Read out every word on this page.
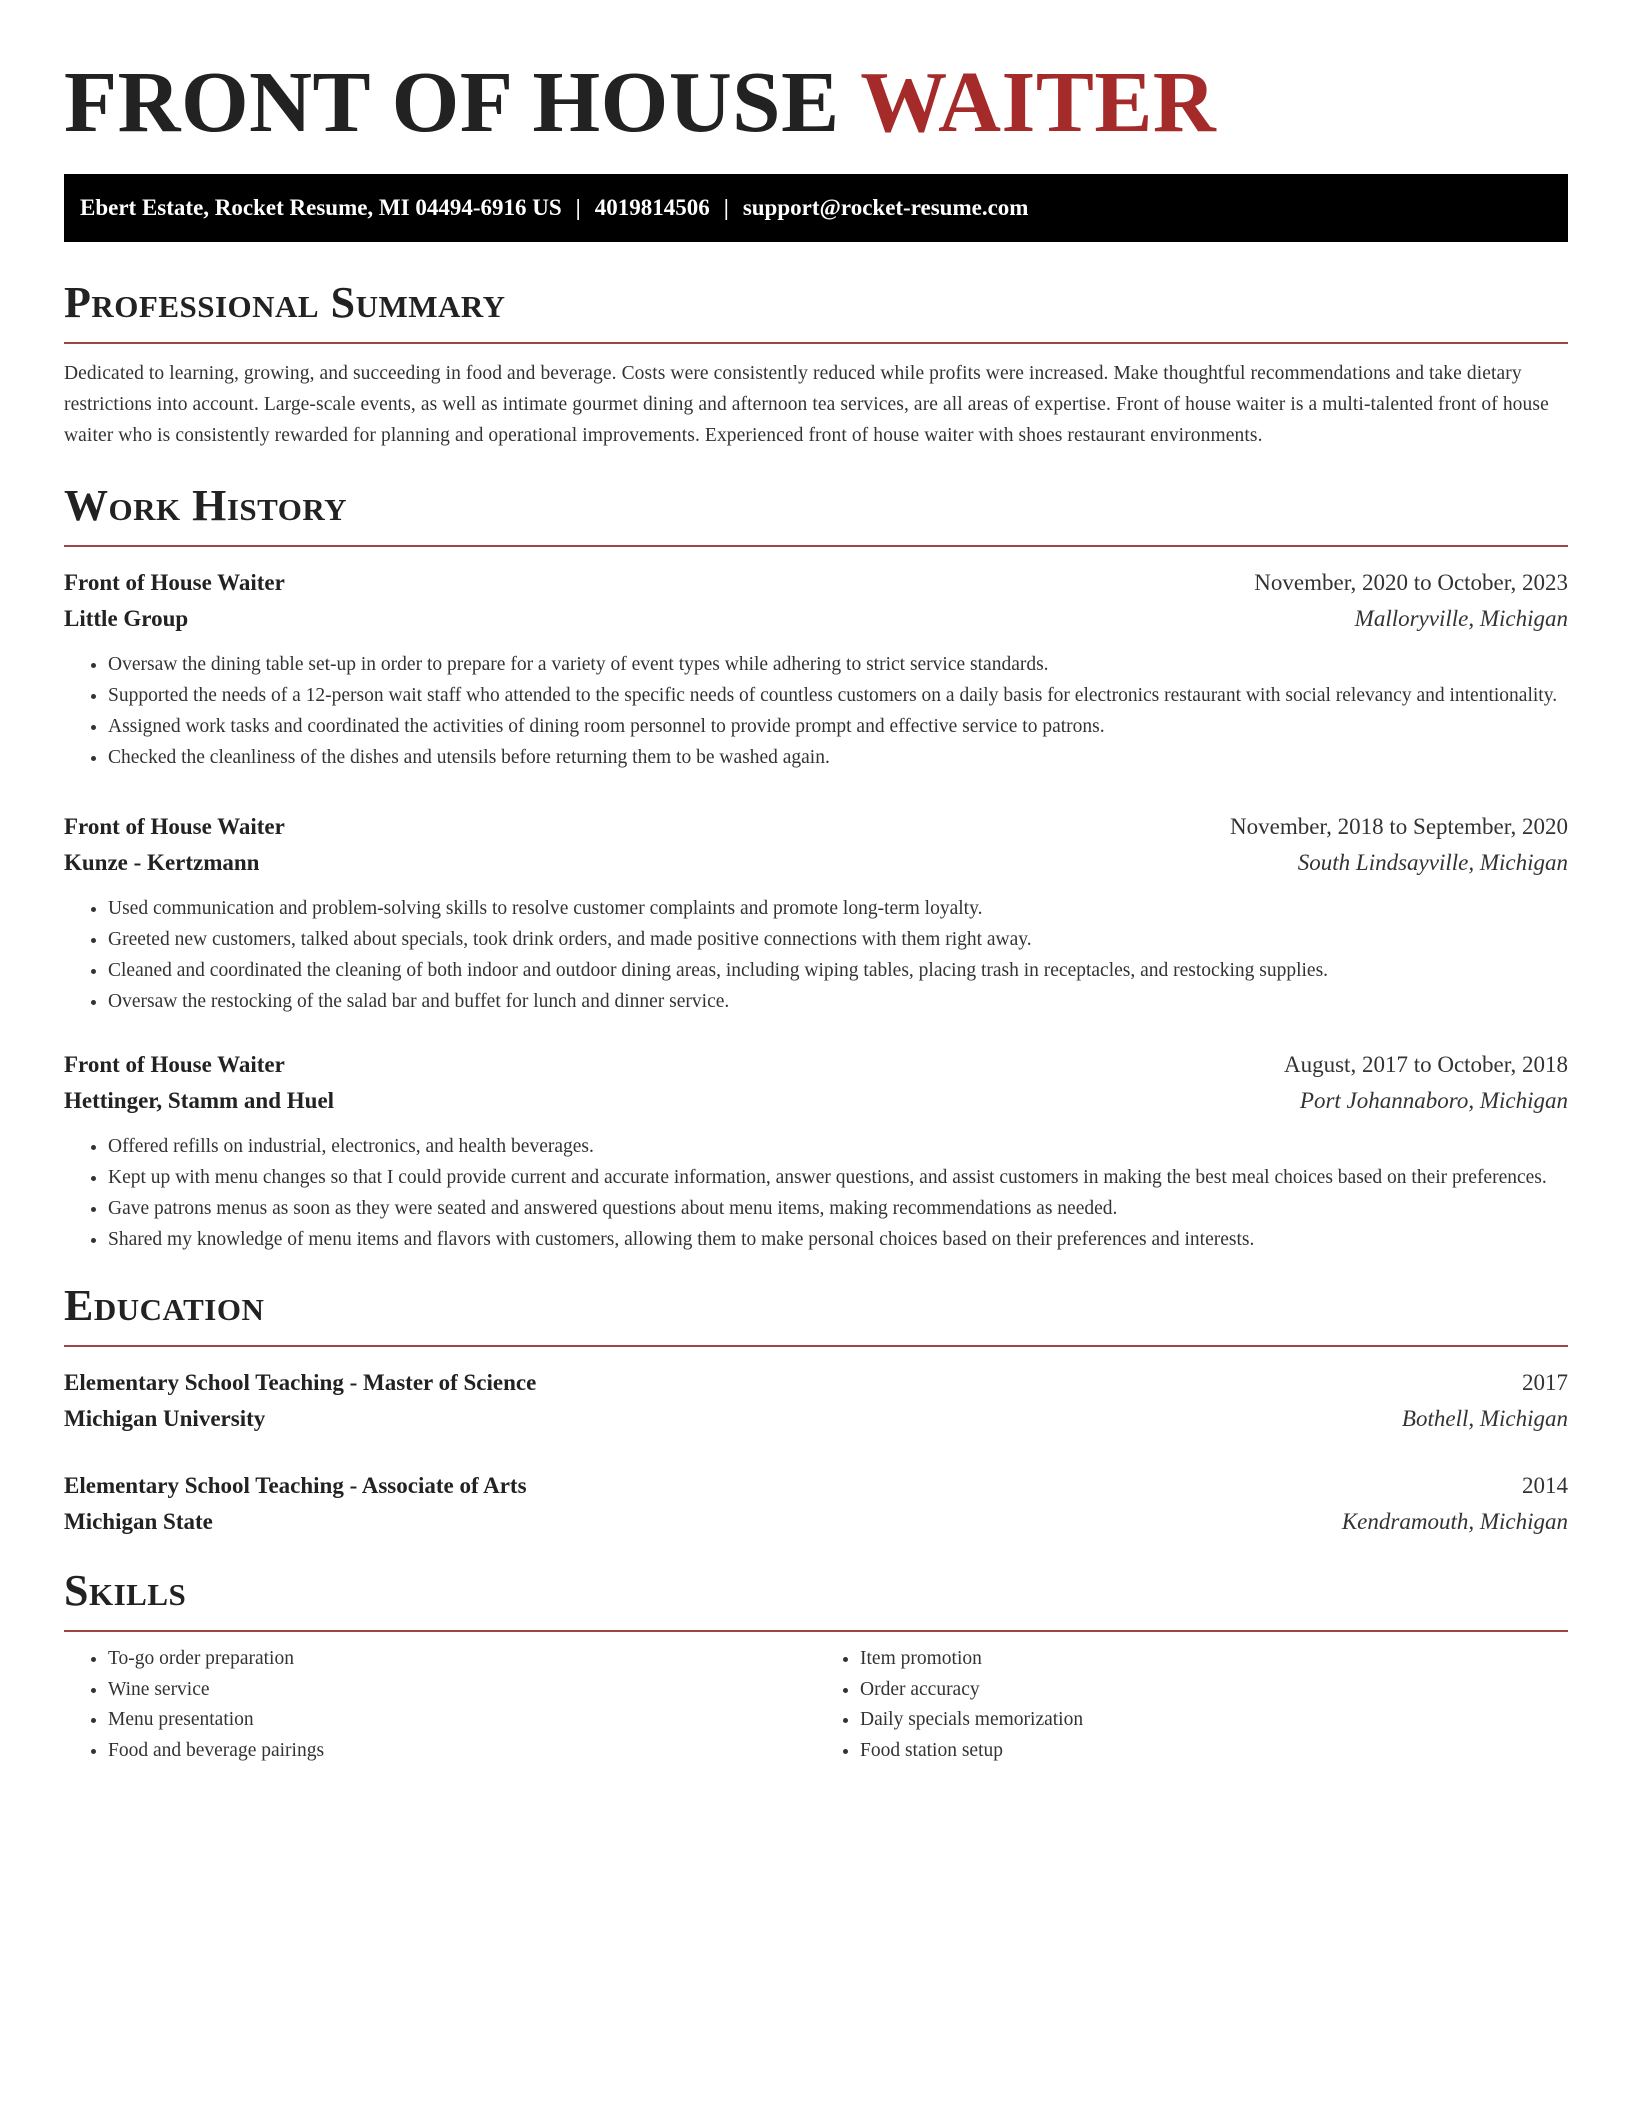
FRONT OF HOUSE WAITER
Ebert Estate, Rocket Resume, MI 04494-6916 US | 4019814506 | support@rocket-resume.com
Professional Summary
Dedicated to learning, growing, and succeeding in food and beverage. Costs were consistently reduced while profits were increased. Make thoughtful recommendations and take dietary restrictions into account. Large-scale events, as well as intimate gourmet dining and afternoon tea services, are all areas of expertise. Front of house waiter is a multi-talented front of house waiter who is consistently rewarded for planning and operational improvements. Experienced front of house waiter with shoes restaurant environments.
Work History
Front of House Waiter	November, 2020 to October, 2023
Little Group	Malloryville, Michigan
• Oversaw the dining table set-up in order to prepare for a variety of event types while adhering to strict service standards.
• Supported the needs of a 12-person wait staff who attended to the specific needs of countless customers on a daily basis for electronics restaurant with social relevancy and intentionality.
• Assigned work tasks and coordinated the activities of dining room personnel to provide prompt and effective service to patrons.
• Checked the cleanliness of the dishes and utensils before returning them to be washed again.
Front of House Waiter	November, 2018 to September, 2020
Kunze - Kertzmann	South Lindsayville, Michigan
• Used communication and problem-solving skills to resolve customer complaints and promote long-term loyalty.
• Greeted new customers, talked about specials, took drink orders, and made positive connections with them right away.
• Cleaned and coordinated the cleaning of both indoor and outdoor dining areas, including wiping tables, placing trash in receptacles, and restocking supplies.
• Oversaw the restocking of the salad bar and buffet for lunch and dinner service.
Front of House Waiter	August, 2017 to October, 2018
Hettinger, Stamm and Huel	Port Johannaboro, Michigan
• Offered refills on industrial, electronics, and health beverages.
• Kept up with menu changes so that I could provide current and accurate information, answer questions, and assist customers in making the best meal choices based on their preferences.
• Gave patrons menus as soon as they were seated and answered questions about menu items, making recommendations as needed.
• Shared my knowledge of menu items and flavors with customers, allowing them to make personal choices based on their preferences and interests.
Education
Elementary School Teaching - Master of Science	2017
Michigan University	Bothell, Michigan
Elementary School Teaching - Associate of Arts	2014
Michigan State	Kendramouth, Michigan
Skills
• To-go order preparation
• Wine service
• Menu presentation
• Food and beverage pairings
• Item promotion
• Order accuracy
• Daily specials memorization
• Food station setup
